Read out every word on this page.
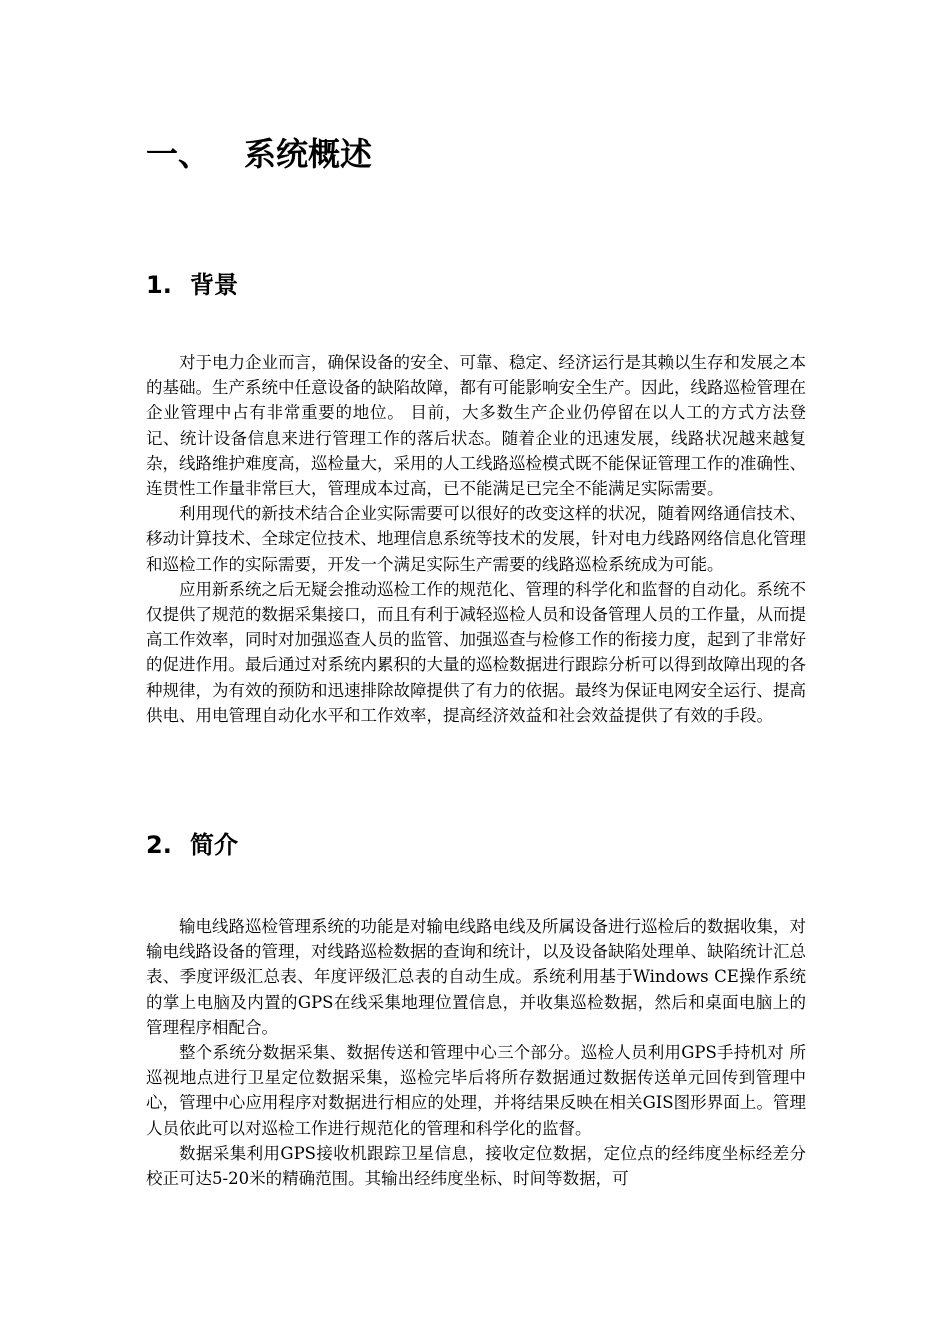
一、 系统概述
1. 背景

对于电力企业而言，确保设备的安全、可靠、稳定、经济运行是其赖以生存和发展之本的基础。生产系统中任意设备的缺陷故障，都有可能影响安全生产。因此，线路巡检管理在企业管理中占有非常重要的地位。 目前，大多数生产企业仍停留在以人工的方式方法登记、统计设备信息来进行管理工作的落后状态。随着企业的迅速发展，线路状况越来越复杂，线路维护难度高，巡检量大，采用的人工线路巡检模式既不能保证管理工作的准确性、连贯性工作量非常巨大，管理成本过高，已不能满足已完全不能满足实际需要。

利用现代的新技术结合企业实际需要可以很好的改变这样的状况，随着网络通信技术、移动计算技术、全球定位技术、地理信息系统等技术的发展，针对电力线路网络信息化管理和巡检工作的实际需要，开发一个满足实际生产需要的线路巡检系统成为可能。

应用新系统之后无疑会推动巡检工作的规范化、管理的科学化和监督的自动化。系统不仅提供了规范的数据采集接口，而且有利于减轻巡检人员和设备管理人员的工作量，从而提高工作效率，同时对加强巡查人员的监管、加强巡查与检修工作的衔接力度，起到了非常好的促进作用。最后通过对系统内累积的大量的巡检数据进行跟踪分析可以得到故障出现的各种规律，为有效的预防和迅速排除故障提供了有力的依据。最终为保证电网安全运行、提高供电、用电管理自动化水平和工作效率，提高经济效益和社会效益提供了有效的手段。

2. 简介

输电线路巡检管理系统的功能是对输电线路电线及所属设备进行巡检后的数据收集，对输电线路设备的管理，对线路巡检数据的查询和统计，以及设备缺陷处理单、缺陷统计汇总表、季度评级汇总表、年度评级汇总表的自动生成。系统利用基于Windows CE操作系统的掌上电脑及内置的GPS在线采集地理位置信息，并收集巡检数据，然后和桌面电脑上的管理程序相配合。

整个系统分数据采集、数据传送和管理中心三个部分。巡检人员利用GPS手持机对 所巡视地点进行卫星定位数据采集，巡检完毕后将所存数据通过数据传送单元回传到管理中心，管理中心应用程序对数据进行相应的处理，并将结果反映在相关GIS图形界面上。管理人员依此可以对巡检工作进行规范化的管理和科学化的监督。

数据采集利用GPS接收机跟踪卫星信息，接收定位数据，定位点的经纬度坐标经差分校正可达5-20米的精确范围。其输出经纬度坐标、时间等数据，可
